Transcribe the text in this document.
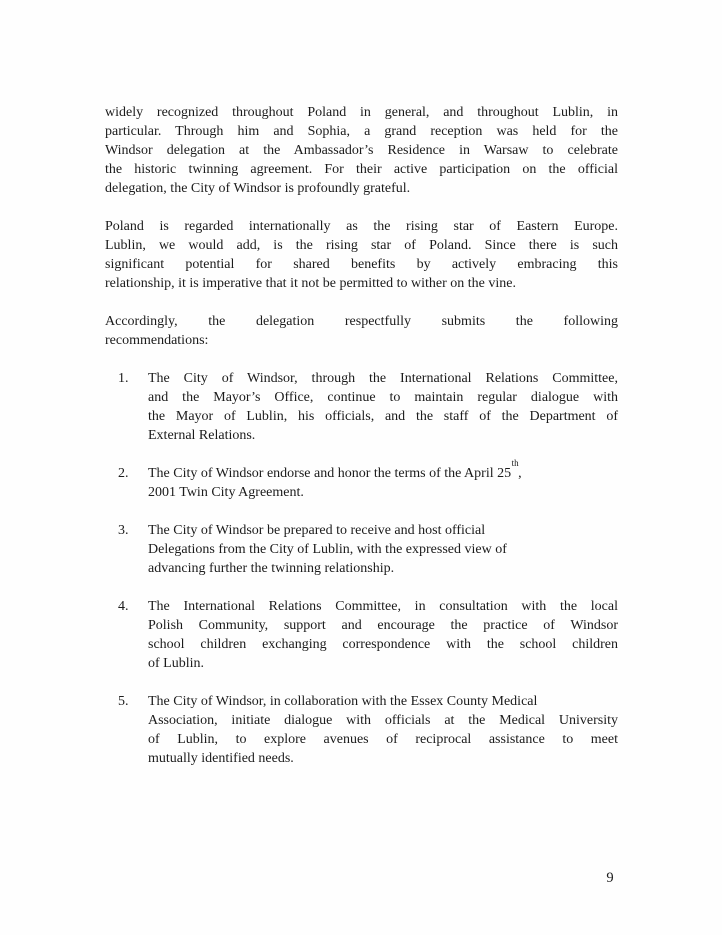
widely recognized throughout Poland in general, and throughout Lublin, in
particular. Through him and Sophia, a grand reception was held for the
Windsor delegation at the Ambassador’s Residence in Warsaw to celebrate
the historic twinning agreement. For their active participation on the official
delegation, the City of Windsor is profoundly grateful.
Poland is regarded internationally as the rising star of Eastern Europe.
Lublin, we would add, is the rising star of Poland. Since there is such
significant potential for shared benefits by actively embracing this
relationship, it is imperative that it not be permitted to wither on the vine.
Accordingly, the delegation respectfully submits the following
recommendations:
1.	The City of Windsor, through the International Relations Committee,
and the Mayor’s Office, continue to maintain regular dialogue with
the Mayor of Lublin, his officials, and the staff of the Department of
External Relations.
2.	The City of Windsor endorse and honor the terms of the April 25th,
2001 Twin City Agreement.
3.	The City of Windsor be prepared to receive and host official
Delegations from the City of Lublin, with the expressed view of
advancing further the twinning relationship.
4.	The International Relations Committee, in consultation with the local
Polish Community, support and encourage the practice of Windsor
school children exchanging correspondence with the school children
of Lublin.
5.	The City of Windsor, in collaboration with the Essex County Medical
Association, initiate dialogue with officials at the Medical University
of Lublin, to explore avenues of reciprocal assistance to meet
mutually identified needs.
9
